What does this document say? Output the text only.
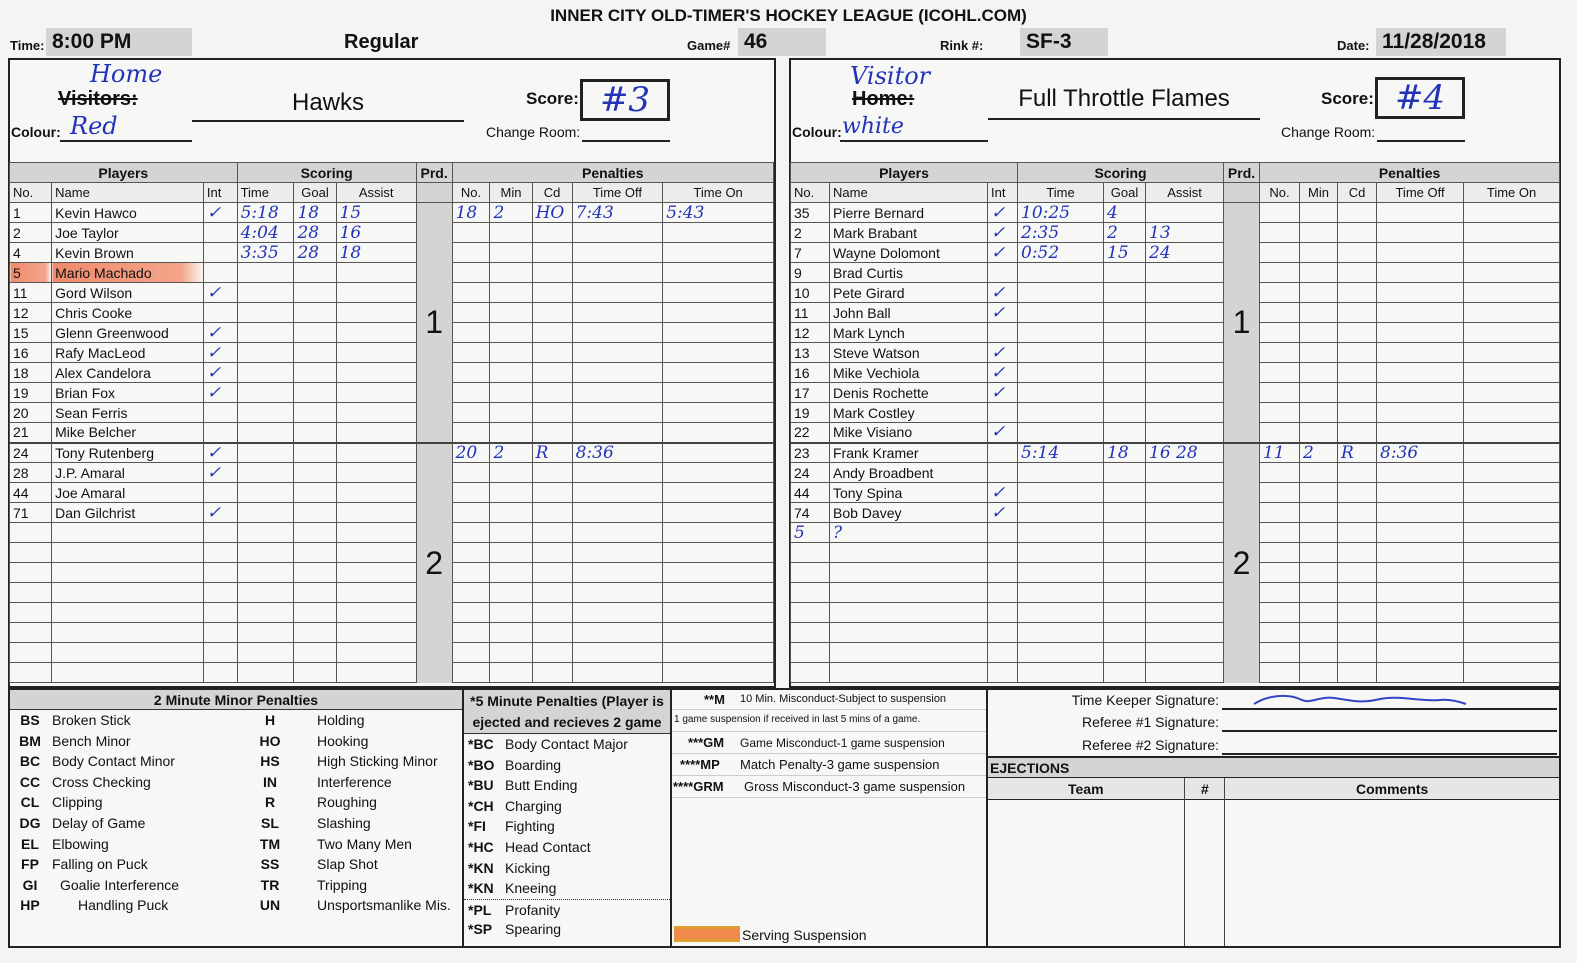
INNER CITY OLD-TIMER'S HOCKEY LEAGUE (ICOHL.COM)
Time: 8:00 PM	Regular	Game# 46	Rink #: SF-3	Date: 11/28/2018
Home
Visitors:	Hawks	Score: #3
Colour: Red	Change Room:
Players			Scoring			Prd.	Penalties				
No.	Name	Int	Time	Goal	Assist		No.	Min	Cd	Time Off	Time On
1	Kevin Hawco	✓	5:18	18	15	1	18	2	HO	7:43	5:43
2	Joe Taylor		4:04	28	16						
4	Kevin Brown		3:35	28	18						
5	Mario Machado										
11	Gord Wilson	✓									
12	Chris Cooke										
15	Glenn Greenwood	✓									
16	Rafy MacLeod	✓									
18	Alex Candelora	✓									
19	Brian Fox	✓									
20	Sean Ferris										
21	Mike Belcher										
24	Tony Rutenberg	✓				2	20	2	R	8:36	
28	J.P. Amaral	✓									
44	Joe Amaral										
71	Dan Gilchrist	✓									

Visitor
Home:	Full Throttle Flames	Score: #4
Colour: white	Change Room:
Players			Scoring			Prd.	Penalties				
No.	Name	Int	Time	Goal	Assist		No.	Min	Cd	Time Off	Time On
35	Pierre Bernard	✓	10:25	4		1					
2	Mark Brabant	✓	2:35	2	13						
7	Wayne Dolomont	✓	0:52	15	24						
9	Brad Curtis										
10	Pete Girard	✓									
11	John Ball	✓									
12	Mark Lynch										
13	Steve Watson	✓									
16	Mike Vechiola	✓									
17	Denis Rochette	✓									
19	Mark Costley										
22	Mike Visiano	✓									
23	Frank Kramer		5:14	18	16 28	2	11	2	R	8:36	
24	Andy Broadbent										
44	Tony Spina	✓									
74	Bob Davey	✓									
5	?										

2 Minute Minor Penalties
BS Broken Stick	H	Holding
BM Bench Minor	HO	Hooking
BC Body Contact Minor	HS	High Sticking Minor
CC Cross Checking	IN	Interference
CL Clipping	R	Roughing
DG Delay of Game	SL	Slashing
EL Elbowing	TM	Two Many Men
FP Falling on Puck	SS	Slap Shot
GI	Goalie Interference	TR	Tripping
HP	Handling Puck	UN	Unsportsmanlike Mis.
*5 Minute Penalties (Player is
ejected and recieves 2 game
*BC Body Contact Major
*BO Boarding
*BU Butt Ending
*CH Charging
*FI Fighting
*HC Head Contact
*KN Kicking
*KN Kneeing
*PL Profanity
*SP Spearing
**M 10 Min. Misconduct-Subject to suspension
1 game suspension if received in last 5 mins of a game.
***GM Game Misconduct-1 game suspension
****MP Match Penalty-3 game suspension
****GRM Gross Misconduct-3 game suspension
Serving Suspension
Time Keeper Signature:
Referee #1 Signature:
Referee #2 Signature:
EJECTIONS
Team	#	Comments
